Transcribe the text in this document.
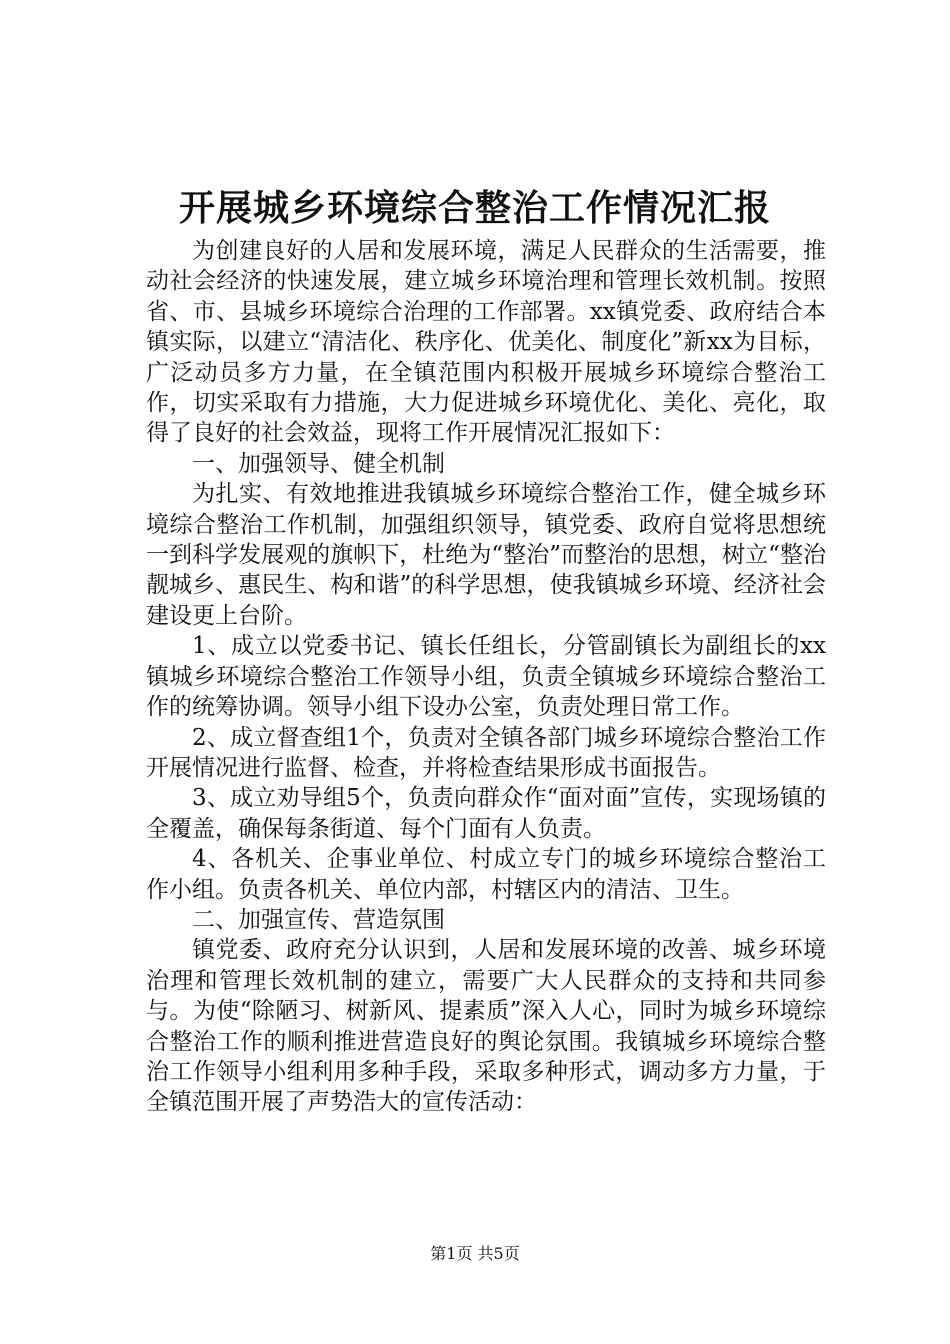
开展城乡环境综合整治工作情况汇报

为创建良好的人居和发展环境，满足人民群众的生活需要，推动社会经济的快速发展，建立城乡环境治理和管理长效机制。按照省、市、县城乡环境综合治理的工作部署。xx镇党委、政府结合本镇实际，以建立“清洁化、秩序化、优美化、制度化”新xx为目标，广泛动员多方力量，在全镇范围内积极开展城乡环境综合整治工作，切实采取有力措施，大力促进城乡环境优化、美化、亮化，取得了良好的社会效益，现将工作开展情况汇报如下：

一、加强领导、健全机制

为扎实、有效地推进我镇城乡环境综合整治工作，健全城乡环境综合整治工作机制，加强组织领导，镇党委、政府自觉将思想统一到科学发展观的旗帜下，杜绝为“整治”而整治的思想，树立“整治靓城乡、惠民生、构和谐”的科学思想，使我镇城乡环境、经济社会建设更上台阶。

1、成立以党委书记、镇长任组长，分管副镇长为副组长的xx镇城乡环境综合整治工作领导小组，负责全镇城乡环境综合整治工作的统筹协调。领导小组下设办公室，负责处理日常工作。

2、成立督查组1个，负责对全镇各部门城乡环境综合整治工作开展情况进行监督、检查，并将检查结果形成书面报告。

3、成立劝导组5个，负责向群众作“面对面”宣传，实现场镇的全覆盖，确保每条街道、每个门面有人负责。

4、各机关、企事业单位、村成立专门的城乡环境综合整治工作小组。负责各机关、单位内部，村辖区内的清洁、卫生。

二、加强宣传、营造氛围

镇党委、政府充分认识到，人居和发展环境的改善、城乡环境治理和管理长效机制的建立，需要广大人民群众的支持和共同参与。为使“除陋习、树新风、提素质”深入人心，同时为城乡环境综合整治工作的顺利推进营造良好的舆论氛围。我镇城乡环境综合整治工作领导小组利用多种手段，采取多种形式，调动多方力量，于全镇范围开展了声势浩大的宣传活动：

第1页 共5页
